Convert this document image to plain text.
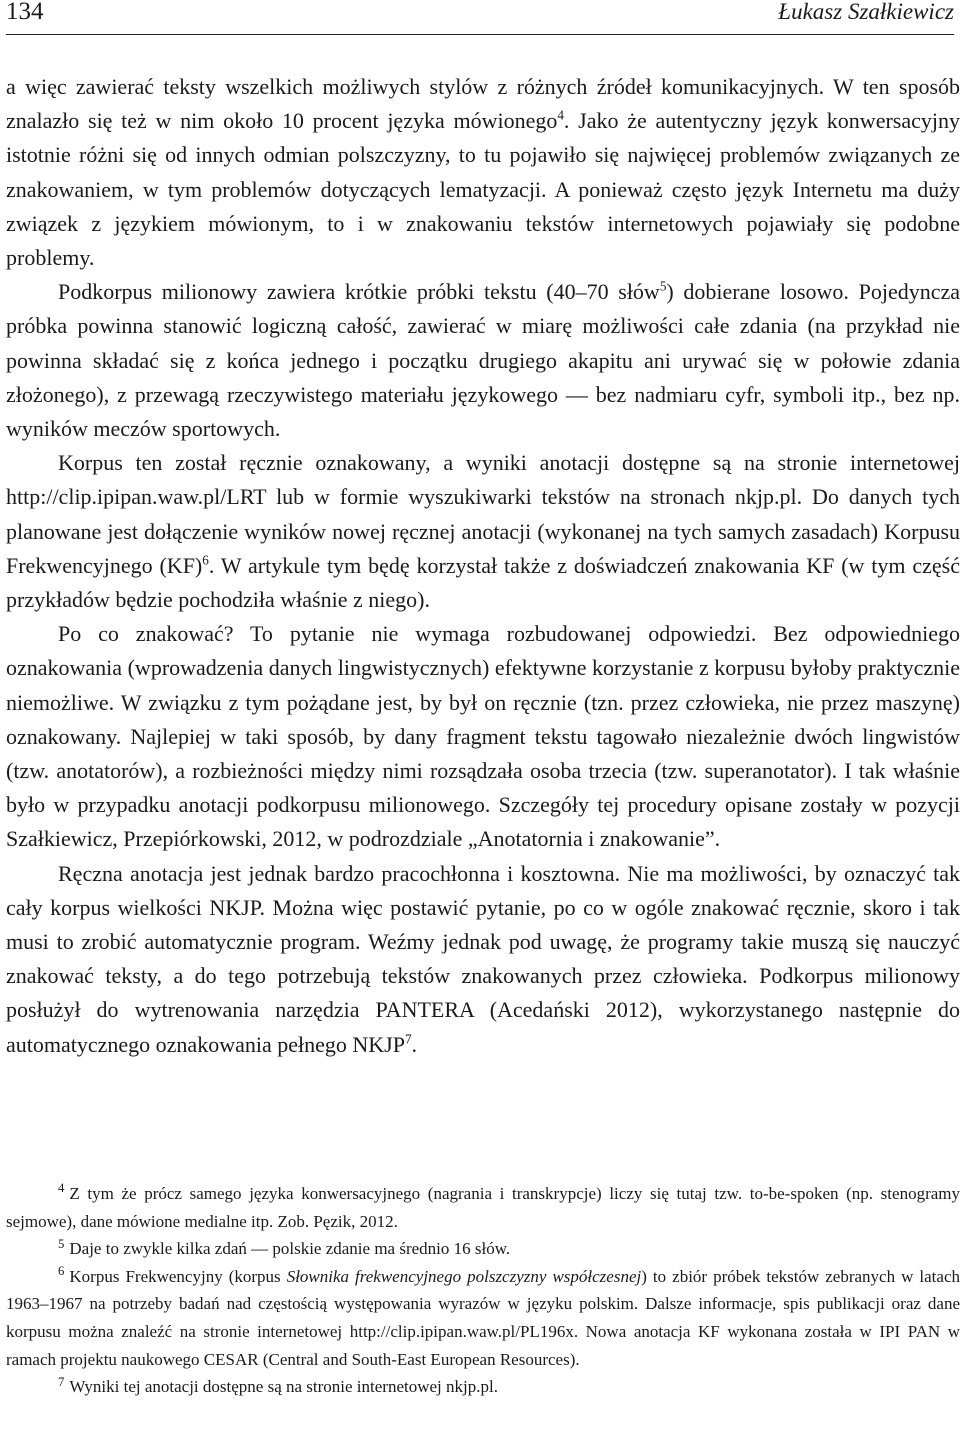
134	Łukasz Szałkiewicz

a więc zawierać teksty wszelkich możliwych stylów z różnych źródeł komunikacyjnych. W ten sposób znalazło się też w nim około 10 procent języka mówionego$^4$. Jako że autentyczny język konwersacyjny istotnie różni się od innych odmian polszczyzny, to tu pojawiło się najwięcej problemów związanych ze znakowaniem, w tym problemów dotyczących lematyzacji. A ponieważ często język Internetu ma duży związek z językiem mówionym, to i w znakowaniu tekstów internetowych pojawiały się podobne problemy.

Podkorpus milionowy zawiera krótkie próbki tekstu (40–70 słów$^5$) dobierane losowo. Pojedyncza próbka powinna stanowić logiczną całość, zawierać w miarę możliwości całe zdania (na przykład nie powinna składać się z końca jednego i początku drugiego akapitu ani urywać się w połowie zdania złożonego), z przewagą rzeczywistego materiału językowego — bez nadmiaru cyfr, symboli itp., bez np. wyników meczów sportowych.

Korpus ten został ręcznie oznakowany, a wyniki anotacji dostępne są na stronie internetowej http://clip.ipipan.waw.pl/LRT lub w formie wyszukiwarki tekstów na stronach nkjp.pl. Do danych tych planowane jest dołączenie wyników nowej ręcznej anotacji (wykonanej na tych samych zasadach) Korpusu Frekwencyjnego (KF)$^6$. W artykule tym będę korzystał także z doświadczeń znakowania KF (w tym część przykładów będzie pochodziła właśnie z niego).

Po co znakować? To pytanie nie wymaga rozbudowanej odpowiedzi. Bez odpowiedniego oznakowania (wprowadzenia danych lingwistycznych) efektywne korzystanie z korpusu byłoby praktycznie niemożliwe. W związku z tym pożądane jest, by był on ręcznie (tzn. przez człowieka, nie przez maszynę) oznakowany. Najlepiej w taki sposób, by dany fragment tekstu tagowało niezależnie dwóch lingwistów (tzw. anotatorów), a rozbieżności między nimi rozsądzała osoba trzecia (tzw. superanotator). I tak właśnie było w przypadku anotacji podkorpusu milionowego. Szczegóły tej procedury opisane zostały w pozycji Szałkiewicz, Przepiórkowski, 2012, w podrozdziale „Anotatornia i znakowanie”.

Ręczna anotacja jest jednak bardzo pracochłonna i kosztowna. Nie ma możliwości, by oznaczyć tak cały korpus wielkości NKJP. Można więc postawić pytanie, po co w ogóle znakować ręcznie, skoro i tak musi to zrobić automatycznie program. Weźmy jednak pod uwagę, że programy takie muszą się nauczyć znakować teksty, a do tego potrzebują tekstów znakowanych przez człowieka. Podkorpus milionowy posłużył do wytrenowania narzędzia PANTERA (Acedański 2012), wykorzystanego następnie do automatycznego oznakowania pełnego NKJP$^7$.

$^4$ Z tym że prócz samego języka konwersacyjnego (nagrania i transkrypcje) liczy się tutaj tzw. to-be-spoken (np. stenogramy sejmowe), dane mówione medialne itp. Zob. Pęzik, 2012.

$^5$ Daje to zwykle kilka zdań — polskie zdanie ma średnio 16 słów.

$^6$ Korpus Frekwencyjny (korpus Słownika frekwencyjnego polszczyzny współczesnej) to zbiór próbek tekstów zebranych w latach 1963–1967 na potrzeby badań nad częstością występowania wyrazów w języku polskim. Dalsze informacje, spis publikacji oraz dane korpusu można znaleźć na stronie internetowej http://clip.ipipan.waw.pl/PL196x. Nowa anotacja KF wykonana została w IPI PAN w ramach projektu naukowego CESAR (Central and South-East European Resources).

$^7$ Wyniki tej anotacji dostępne są na stronie internetowej nkjp.pl.
